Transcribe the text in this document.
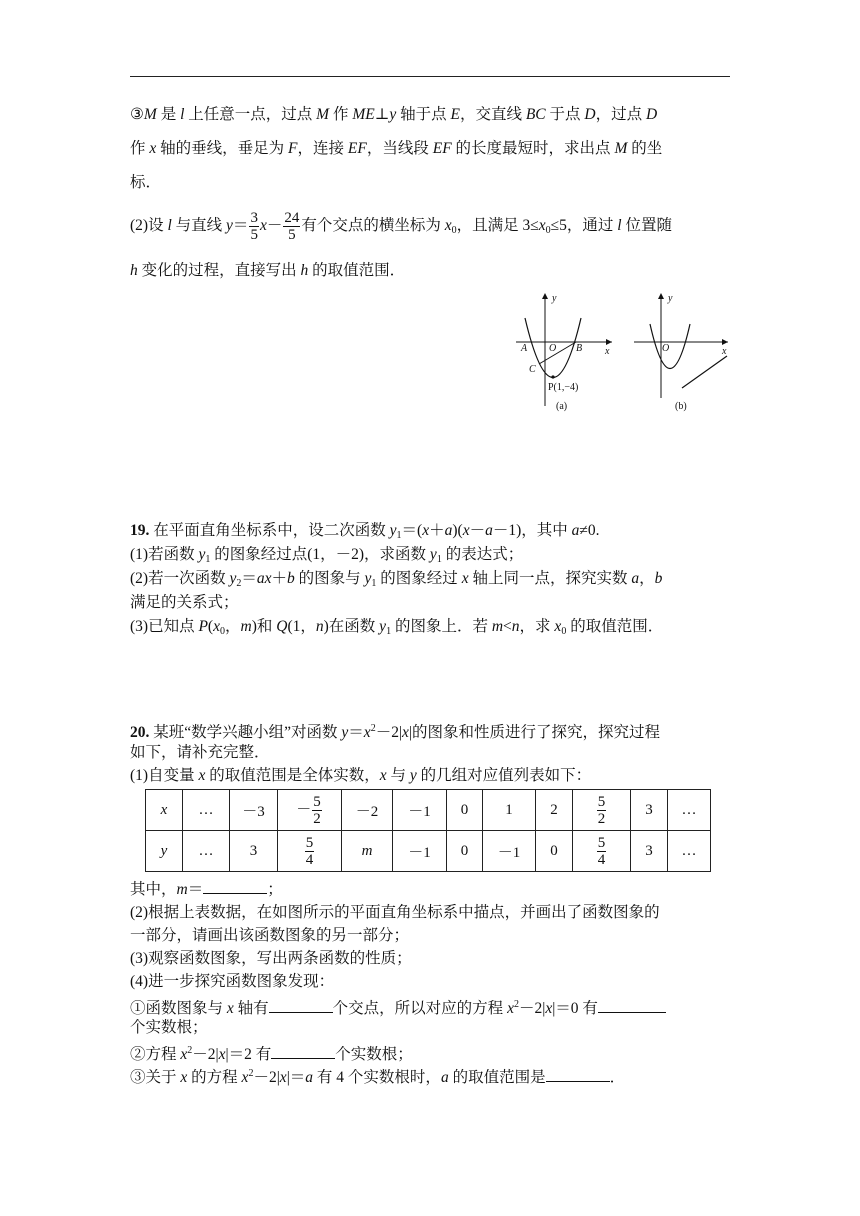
③M 是 l 上任意一点，过点 M 作 ME⊥y 轴于点 E，交直线 BC 于点 D，过点 D
作 x 轴的垂线，垂足为 F，连接 EF，当线段 EF 的长度最短时，求出点 M 的坐
标．
(2)设 l 与直线 $y= \frac{3}{5} x- \frac{24}{5}$ 有个交点的横坐标为 $x_0$，且满足 $3\le x_0\le 5$，通过 l 位置随
h 变化的过程，直接写出 h 的取值范围．
y
x
A O B
C
P(1,−4)
(a)
y
x
O
(b)
19. 在平面直角坐标系中，设二次函数 $y_1=(x+a)(x-a-1)$，其中 a≠0.
(1)若函数 $y_1$ 的图象经过点(1，－2)，求函数 $y_1$ 的表达式；
(2)若一次函数 $y_2=ax+b$ 的图象与 $y_1$ 的图象经过 x 轴上同一点，探究实数 a，b
满足的关系式；
(3)已知点 $P(x_0$，m)和 Q(1，n)在函数 $y_1$ 的图象上．若 m<n，求 $x_0$ 的取值范围．
20. 某班“数学兴趣小组”对函数 $y=x^2-2|x|$的图象和性质进行了探究，探究过程
如下，请补充完整．
(1)自变量 x 的取值范围是全体实数，x 与 y 的几组对应值列表如下：
x	…	－3	－ $\frac{5}{2}$	－2	－1	0	1	2	$\frac{5}{2}$	3	…
y	…	3	$\frac{5}{4}$	m	－1	0	－1	0	$\frac{5}{4}$	3	…
其中，m＝	；
(2)根据上表数据，在如图所示的平面直角坐标系中描点，并画出了函数图象的
一部分，请画出该函数图象的另一部分；
(3)观察函数图象，写出两条函数的性质；
(4)进一步探究函数图象发现：
①函数图象与 x 轴有	个交点，所以对应的方程 $x^2-2|x|=0$ 有
个实数根；
②方程 $x^2-2|x|=2$ 有	个实数根；
③关于 x 的方程 $x^2-2|x|=a$ 有 4 个实数根时，a 的取值范围是	．
